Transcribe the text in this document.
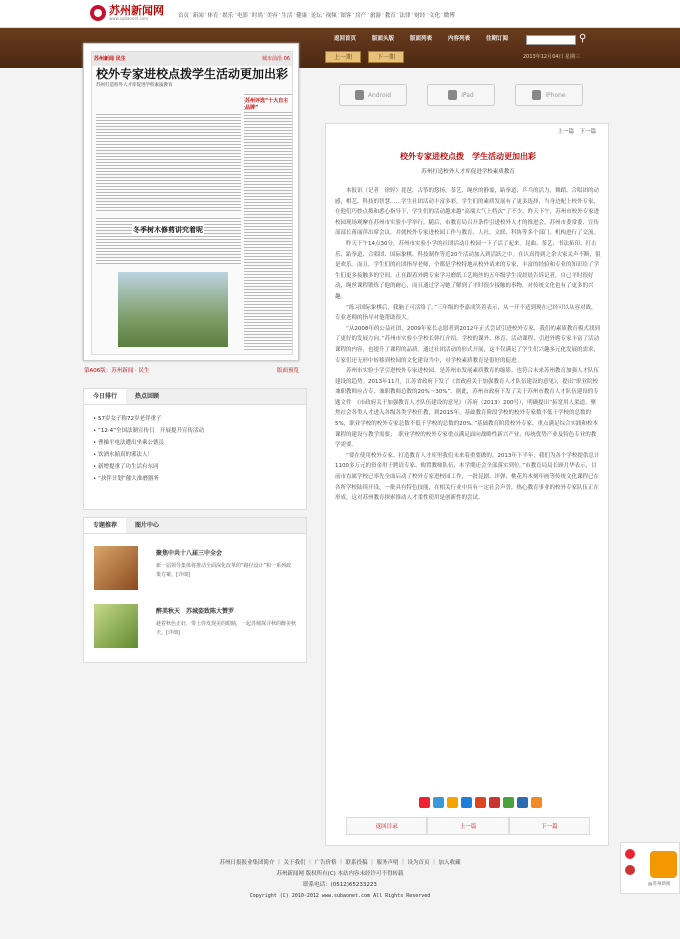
苏州新闻网
www.subaonet.com	首页 · 新闻 · 体育 · 娱乐 · 电影 · 时尚 · 美容 · 生活 · 健康 · 论坛 · 视频 · 图客 · 房产 · 旅游 · 教育 · 法律 · 财经 · 文化 · 微博
返回首页	版面头版	版面列表	内容列表	往期订阅	⚲
上一期	下一期	2013年12月04日 星期三
苏州新闻 民生	城市前沿 06
校外专家进校点拨学生活动更加出彩
苏州打造校外人才库促进学校素质教育
冬季树木修剪讲究着呢
苏州评选“十大自主品牌”
第A06版：苏州新闻 · 民生	版面预览
Android	iPad	iPhone
今日排行	热点回顾
• 57岁女子称72岁老伴重子
• “12·4”全国法制宣传日　开展提升宣传活动
• 曹操平电法遭出坐乘公德员
• 饮酒水掮真的邪法人！
• 新增提重了功生活有东同
• “扶伴计划”催大准磨器务
专题推荐	图片中心
聚焦中共十八届三中全会
新一届领导集体将推动全面深化改革的“路径设计”和一系列政策方案。[详细]
醉美秋天　苏城姿致陈大赞罗
趁着秋色正好，带上你发现美的眼睛，一起苏城探寻秋的醉美秋天。[详细]
上一篇　下一篇
校外专家进校点拨　学生活动更加出彩
苏州打造校外人才库促进学校素质教育

本报讯（记者　徐婷）琵琶、古筝的悠扬，茶艺、绳丝的静谧，跆拳道、乒乓的活力，舞蹈、合唱团的动感，棋艺、科技的智慧……学生社团活动丰富多彩，学生们的素质发展有了更多选择，当身边配上校外专家，在他们巧妙点拨和悉心指导下，学生们的活动越来越“高端大气上档次”了不少。昨天下午，苏州市校外专家进校园现场观摩在苏州市实验小学举行。随后，市教育局召开条件引进校外人才的推进会，苏州市委常委、宣传部部长蒋丽萍出席会议，并就校外专家进校园工作与教育、人社、文联、科协等多个部门、机构进行了交流。

昨天下午14点30分，苏州市实验小学的社团活动让校园一下子活了起来。昆曲、茶艺、书法拓印、打击乐、跆拳道、合唱团、国际象棋、科技制作等近20个活动加入到活跃之中。在认真得到之余大家关声不断，很是欢乐。而且，学生们的社团指导老师，全都是学校特地从校外请来的专家，丰富的经验和专业的知识给了学生们更多接触多的空间。正在跟着外聘专家学习磨纸工艺绳丝的五年级学生凌晨晨告诉记者，自己平时很好动，绳丝课程锻炼了他的耐心，而且通过学习她了解到了平时很少接触的事物，对传统文化也有了更多的兴趣。

“练习国际象棋后，我脑子可活络了。”三年级的李嘉成笑着表示，从一开不适到现在已经可以从容对战，专业老师的指导对他帮助很大。

“从2008年的公益社团，2009年家长志愿者到2012年正式尝试引进校外专家，我们的素质教育模式找到了更好的发展方向。”苏州市实验小学校长韩红介绍，学校的课外、体育、活动课程、引进外聘专家丰富了活动课程的内容，也提升了课程的品质。通过社团活动的形式开展，这不仅满足了学生们兴趣多元化发展的需求，专家们还无形中转移到校园的文化建设当中，对学校素质教育是很好的促进。

苏州市实验小学引进校外专家进校园，是苏州市发展素质教育的缩影。也符合未来苏州教育加强人才队伍建设的趋势。2013年11月，江苏省政府下发了《省政府关于加强教育人才队伍建设的意见》，提出“职业院校兼职教师应占专、兼职教师总数的20%～30%”。据此，苏州市政府下发了关于苏州市教育人才队伍建设的专题文件　《市政府关于加强教育人才队伍建设的意见》（苏府（2013）200号），明确提出“拓宽用人渠道，聚焦社会各类人才进入各级各类学校任教，到2015年，基础教育阶段学校的校外专家数不低于学校的总数的5%，职业学校的校外专家总数不低于学校的总数的20%。”基础教育阶段校外专家，重点满足综合实践和校本课程的建设与教学需要；　职业学校的校外专家重点满足面向战略性新兴产业、传统优势产业及特色专业的教学需要。

“要在使用校外专家、打造教育人才库里我们未来着重要做的。2013年下半年，我们为各个学校提供总计1100多万元的资金用于聘请专家、购置教师队伍，本学期还会全部落实到位。”市教育局局长顾月华表示，目前市直属学校已率先全面启动了校外专家进校园工作，一批昆剧、评弹、桃花坞木刻年画等传统文化课程已在各所学校陆续开设，一批具有特色技能，在相关行业中具有一定社会声誉，热心教育事业的校外专家队伍正在形成，这对苏州教育探索推动人才柔性使用是创新性的尝试。

返回目录	上一篇	下一篇
苏州日报报业集团简介 ｜ 关于我们 ｜ 广告价格 ｜ 联系投稿 ｜ 服务声明 ｜ 设为首页 ｜ 加入收藏
苏州新闻网 版权所有(C) 本站内容未经许可不得转载
联系电话：(0512)65233223
Copyright (C) 2010-2012 www.subaonet.com All Rights Reserved
@苏州新闻
